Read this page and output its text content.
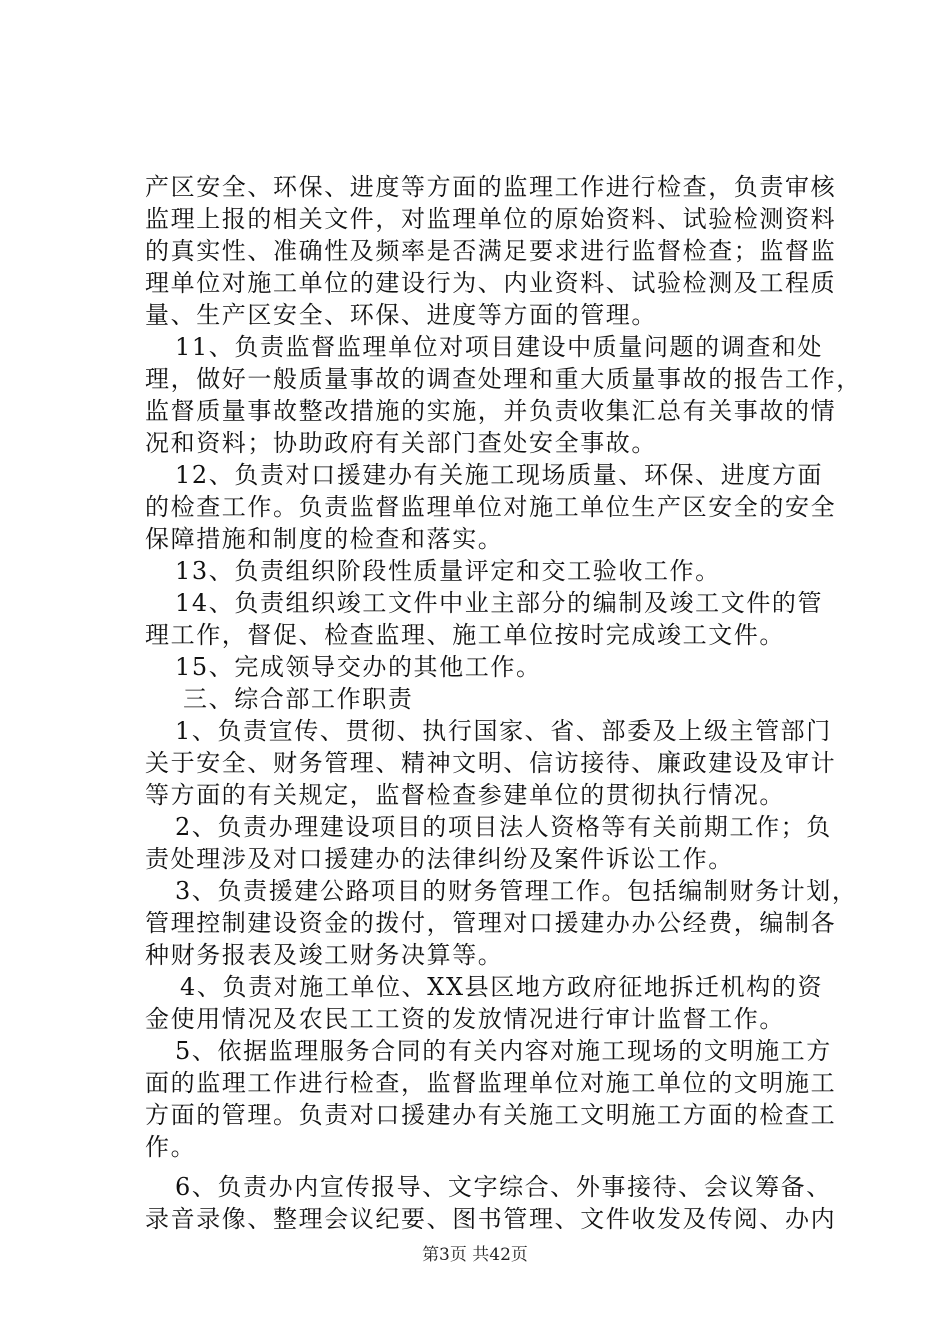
产区安全、环保、进度等方面的监理工作进行检查，负责审核
监理上报的相关文件，对监理单位的原始资料、试验检测资料
的真实性、准确性及频率是否满足要求进行监督检查；监督监
理单位对施工单位的建设行为、内业资料、试验检测及工程质
量、生产区安全、环保、进度等方面的管理。
11、负责监督监理单位对项目建设中质量问题的调查和处
理，做好一般质量事故的调查处理和重大质量事故的报告工作，
监督质量事故整改措施的实施，并负责收集汇总有关事故的情
况和资料；协助政府有关部门查处安全事故。
12、负责对口援建办有关施工现场质量、环保、进度方面
的检查工作。负责监督监理单位对施工单位生产区安全的安全
保障措施和制度的检查和落实。
13、负责组织阶段性质量评定和交工验收工作。
14、负责组织竣工文件中业主部分的编制及竣工文件的管
理工作，督促、检查监理、施工单位按时完成竣工文件。
15、完成领导交办的其他工作。
三、综合部工作职责
1、负责宣传、贯彻、执行国家、省、部委及上级主管部门
关于安全、财务管理、精神文明、信访接待、廉政建设及审计
等方面的有关规定，监督检查参建单位的贯彻执行情况。
2、负责办理建设项目的项目法人资格等有关前期工作；负
责处理涉及对口援建办的法律纠纷及案件诉讼工作。
3、负责援建公路项目的财务管理工作。包括编制财务计划，
管理控制建设资金的拨付，管理对口援建办办公经费，编制各
种财务报表及竣工财务决算等。
4、负责对施工单位、XX县区地方政府征地拆迁机构的资
金使用情况及农民工工资的发放情况进行审计监督工作。
5、依据监理服务合同的有关内容对施工现场的文明施工方
面的监理工作进行检查，监督监理单位对施工单位的文明施工
方面的管理。负责对口援建办有关施工文明施工方面的检查工
作。
6、负责办内宣传报导、文字综合、外事接待、会议筹备、
录音录像、整理会议纪要、图书管理、文件收发及传阅、办内
第3页 共42页
